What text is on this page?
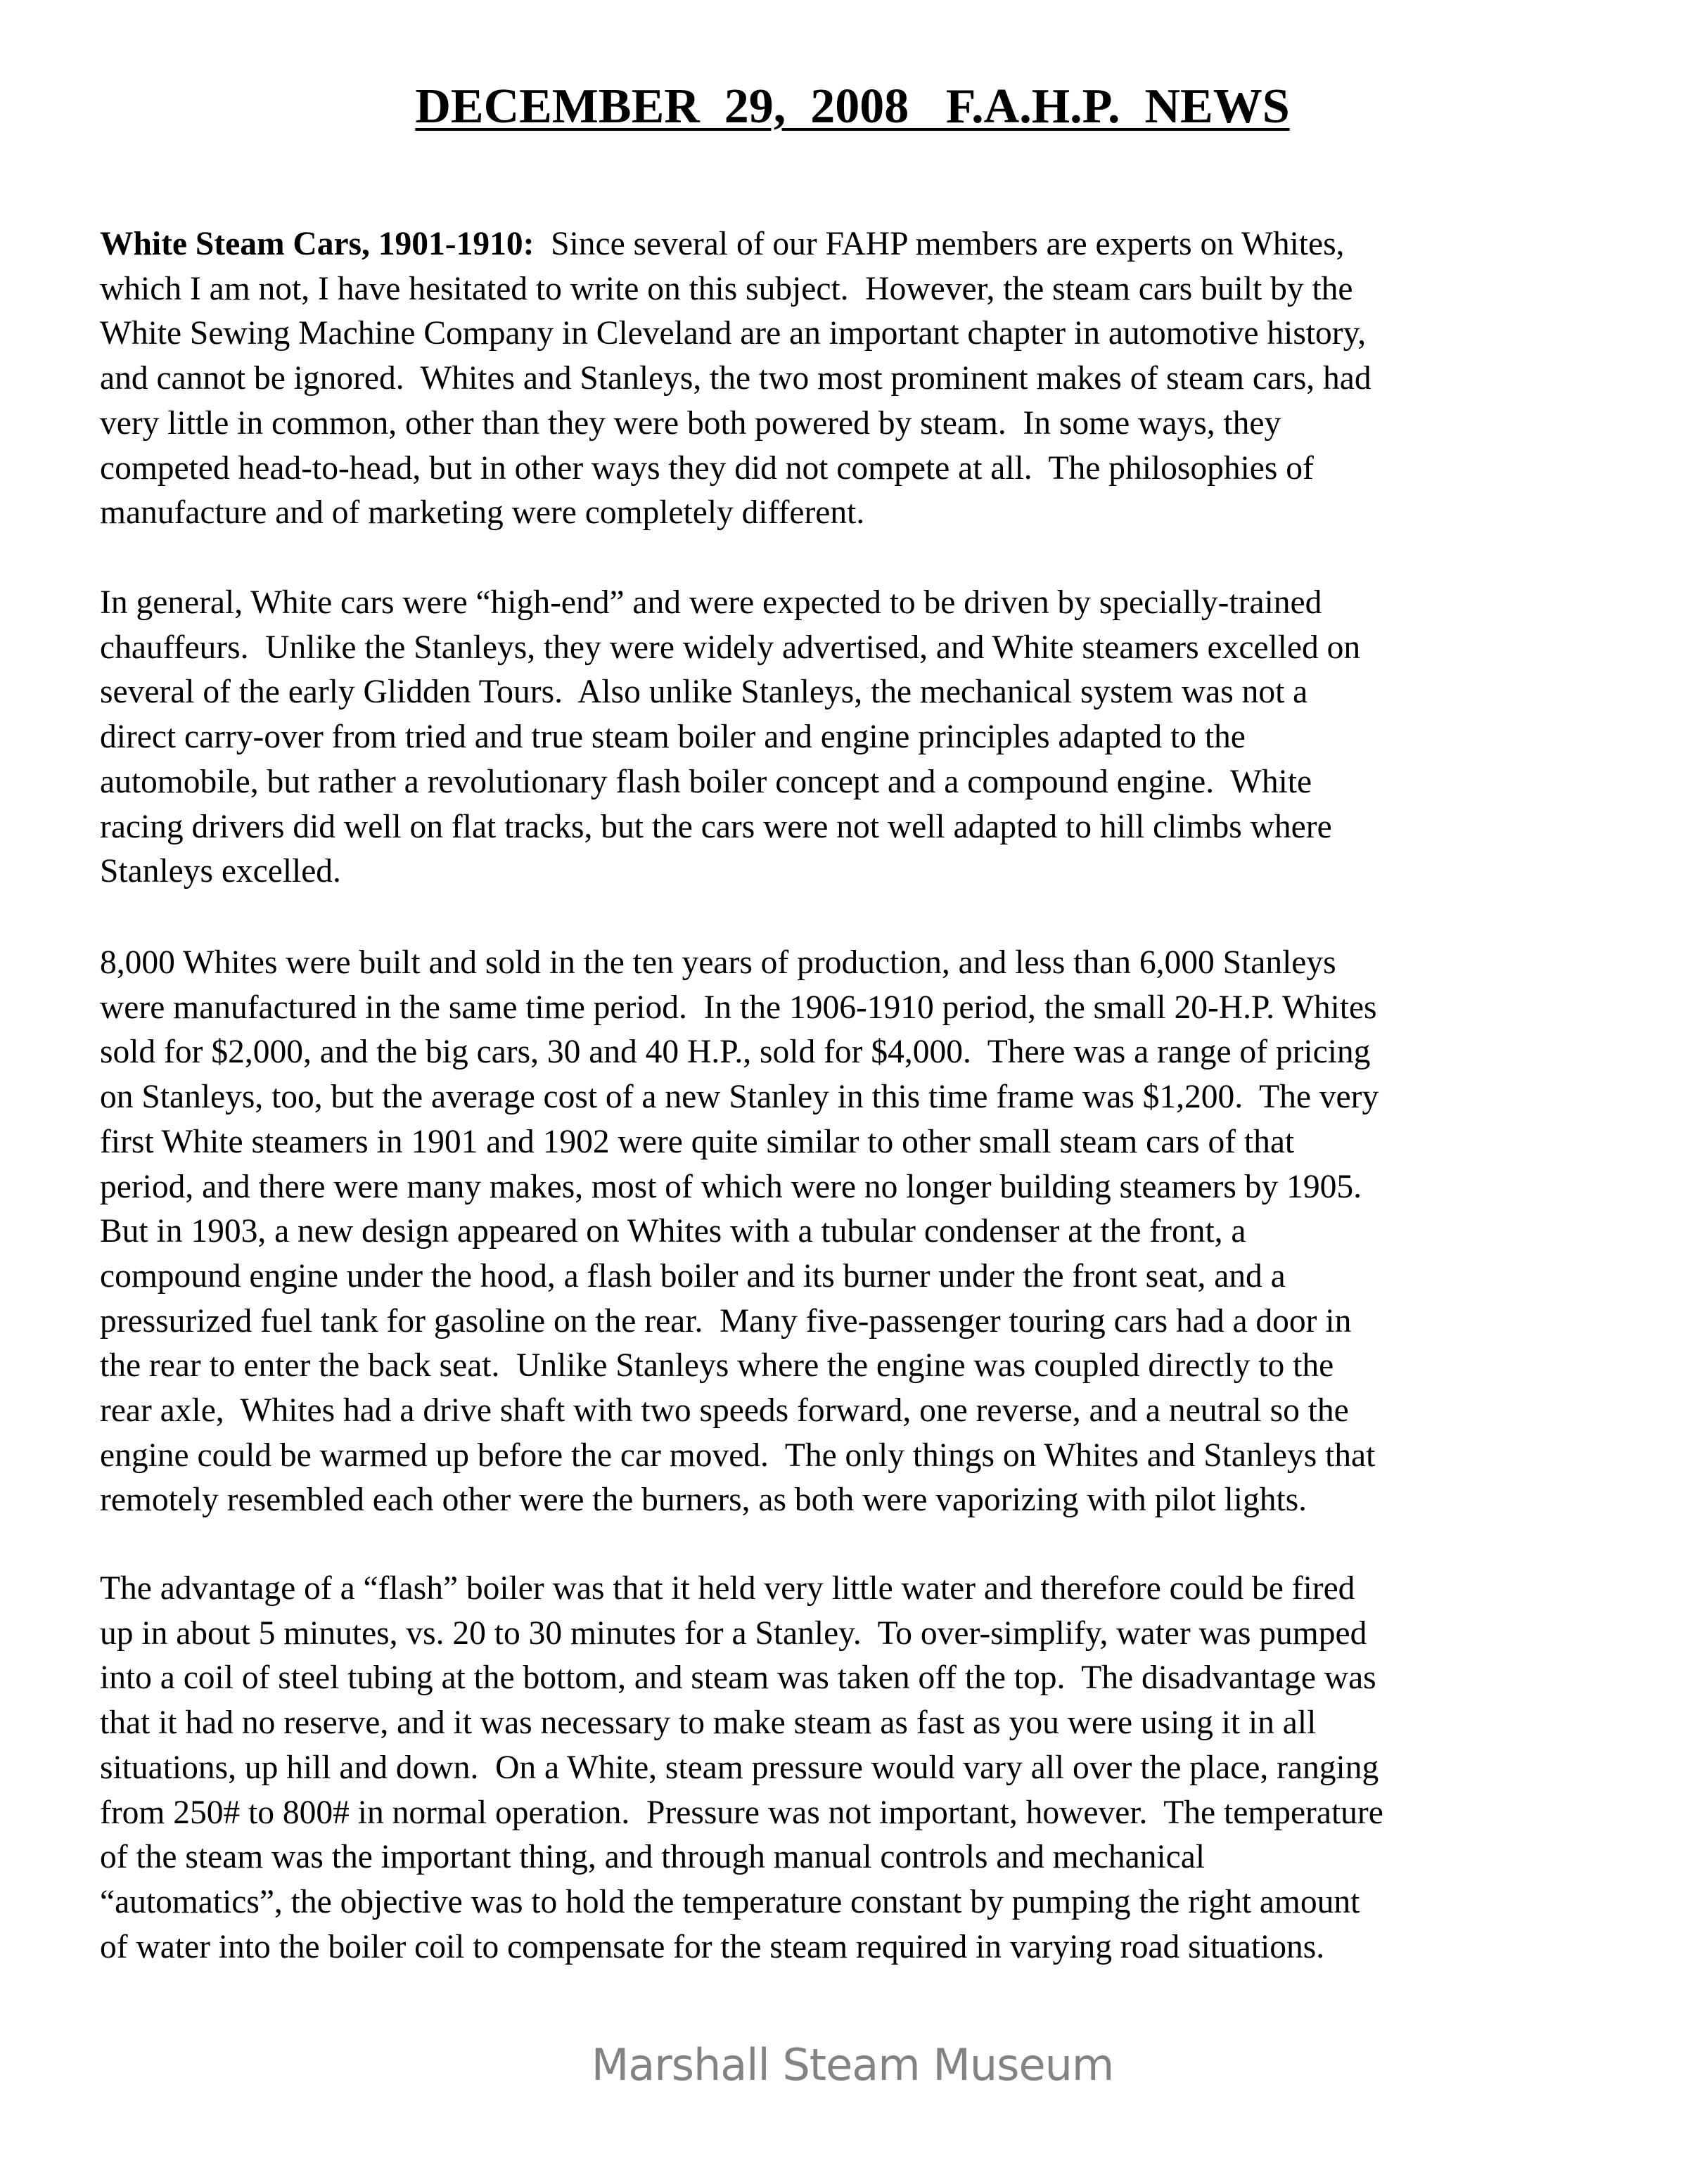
DECEMBER  29,  2008   F.A.H.P.  NEWS
White Steam Cars, 1901-1910:  Since several of our FAHP members are experts on Whites,
which I am not, I have hesitated to write on this subject.  However, the steam cars built by the
White Sewing Machine Company in Cleveland are an important chapter in automotive history,
and cannot be ignored.  Whites and Stanleys, the two most prominent makes of steam cars, had
very little in common, other than they were both powered by steam.  In some ways, they
competed head-to-head, but in other ways they did not compete at all.  The philosophies of
manufacture and of marketing were completely different.
In general, White cars were “high-end” and were expected to be driven by specially-trained
chauffeurs.  Unlike the Stanleys, they were widely advertised, and White steamers excelled on
several of the early Glidden Tours.  Also unlike Stanleys, the mechanical system was not a
direct carry-over from tried and true steam boiler and engine principles adapted to the
automobile, but rather a revolutionary flash boiler concept and a compound engine.  White
racing drivers did well on flat tracks, but the cars were not well adapted to hill climbs where
Stanleys excelled.
8,000 Whites were built and sold in the ten years of production, and less than 6,000 Stanleys
were manufactured in the same time period.  In the 1906-1910 period, the small 20-H.P. Whites
sold for $2,000, and the big cars, 30 and 40 H.P., sold for $4,000.  There was a range of pricing
on Stanleys, too, but the average cost of a new Stanley in this time frame was $1,200.  The very
first White steamers in 1901 and 1902 were quite similar to other small steam cars of that
period, and there were many makes, most of which were no longer building steamers by 1905.
But in 1903, a new design appeared on Whites with a tubular condenser at the front, a
compound engine under the hood, a flash boiler and its burner under the front seat, and a
pressurized fuel tank for gasoline on the rear.  Many five-passenger touring cars had a door in
the rear to enter the back seat.  Unlike Stanleys where the engine was coupled directly to the
rear axle,  Whites had a drive shaft with two speeds forward, one reverse, and a neutral so the
engine could be warmed up before the car moved.  The only things on Whites and Stanleys that
remotely resembled each other were the burners, as both were vaporizing with pilot lights.
The advantage of a “flash” boiler was that it held very little water and therefore could be fired
up in about 5 minutes, vs. 20 to 30 minutes for a Stanley.  To over-simplify, water was pumped
into a coil of steel tubing at the bottom, and steam was taken off the top.  The disadvantage was
that it had no reserve, and it was necessary to make steam as fast as you were using it in all
situations, up hill and down.  On a White, steam pressure would vary all over the place, ranging
from 250# to 800# in normal operation.  Pressure was not important, however.  The temperature
of the steam was the important thing, and through manual controls and mechanical
“automatics”, the objective was to hold the temperature constant by pumping the right amount
of water into the boiler coil to compensate for the steam required in varying road situations.
Marshall Steam Museum
